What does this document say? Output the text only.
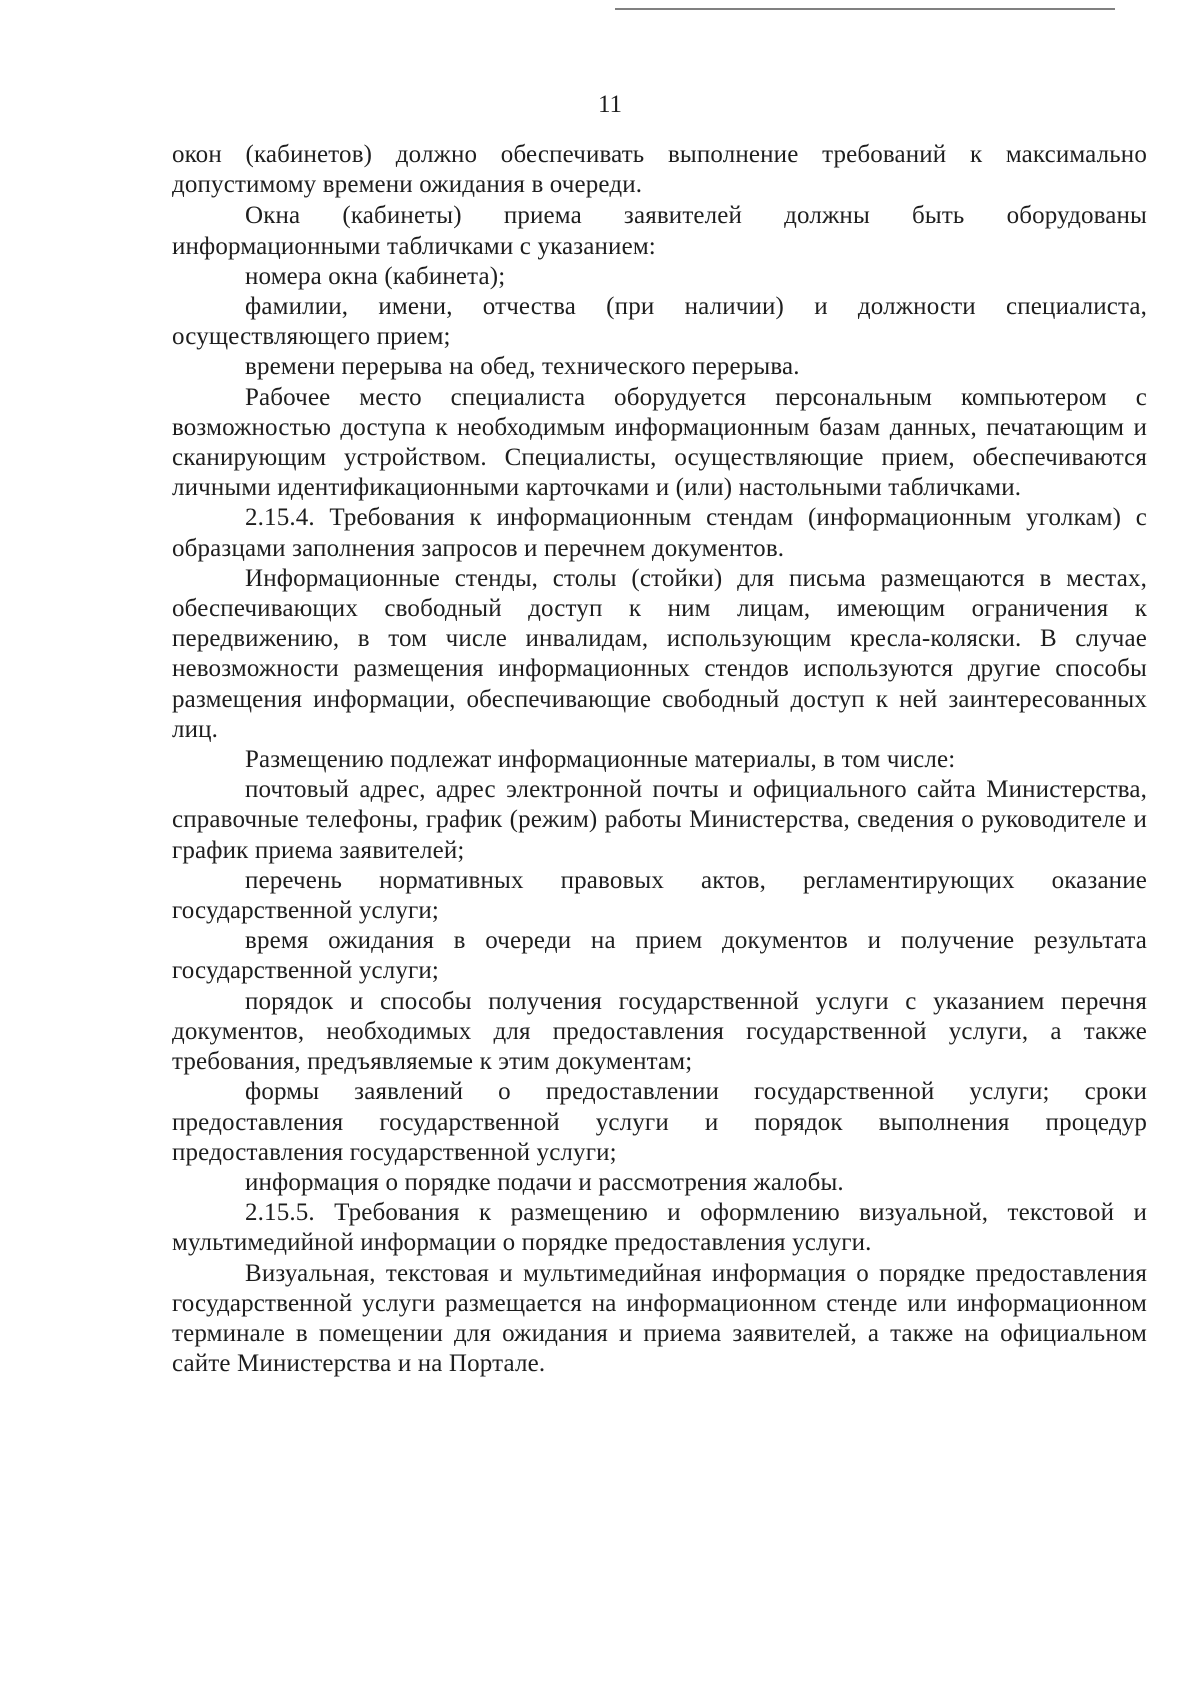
11

окон (кабинетов) должно обеспечивать выполнение требований к максимально допустимому времени ожидания в очереди.

Окна (кабинеты) приема заявителей должны быть оборудованы информационными табличками с указанием:

номера окна (кабинета);

фамилии, имени, отчества (при наличии) и должности специалиста, осуществляющего прием;

времени перерыва на обед, технического перерыва.

Рабочее место специалиста оборудуется персональным компьютером с возможностью доступа к необходимым информационным базам данных, печатающим и сканирующим устройством. Специалисты, осуществляющие прием, обеспечиваются личными идентификационными карточками и (или) настольными табличками.

2.15.4. Требования к информационным стендам (информационным уголкам) с образцами заполнения запросов и перечнем документов.

Информационные стенды, столы (стойки) для письма размещаются в местах, обеспечивающих свободный доступ к ним лицам, имеющим ограничения к передвижению, в том числе инвалидам, использующим кресла-коляски. В случае невозможности размещения информационных стендов используются другие способы размещения информации, обеспечивающие свободный доступ к ней заинтересованных лиц.

Размещению подлежат информационные материалы, в том числе:

почтовый адрес, адрес электронной почты и официального сайта Министерства, справочные телефоны, график (режим) работы Министерства, сведения о руководителе и график приема заявителей;

перечень нормативных правовых актов, регламентирующих оказание государственной услуги;

время ожидания в очереди на прием документов и получение результата государственной услуги;

порядок и способы получения государственной услуги с указанием перечня документов, необходимых для предоставления государственной услуги, а также требования, предъявляемые к этим документам;

формы заявлений о предоставлении государственной услуги; сроки предоставления государственной услуги и порядок выполнения процедур предоставления государственной услуги;

информация о порядке подачи и рассмотрения жалобы.

2.15.5. Требования к размещению и оформлению визуальной, текстовой и мультимедийной информации о порядке предоставления услуги.

Визуальная, текстовая и мультимедийная информация о порядке предоставления государственной услуги размещается на информационном стенде или информационном терминале в помещении для ожидания и приема заявителей, а также на официальном сайте Министерства и на Портале.
